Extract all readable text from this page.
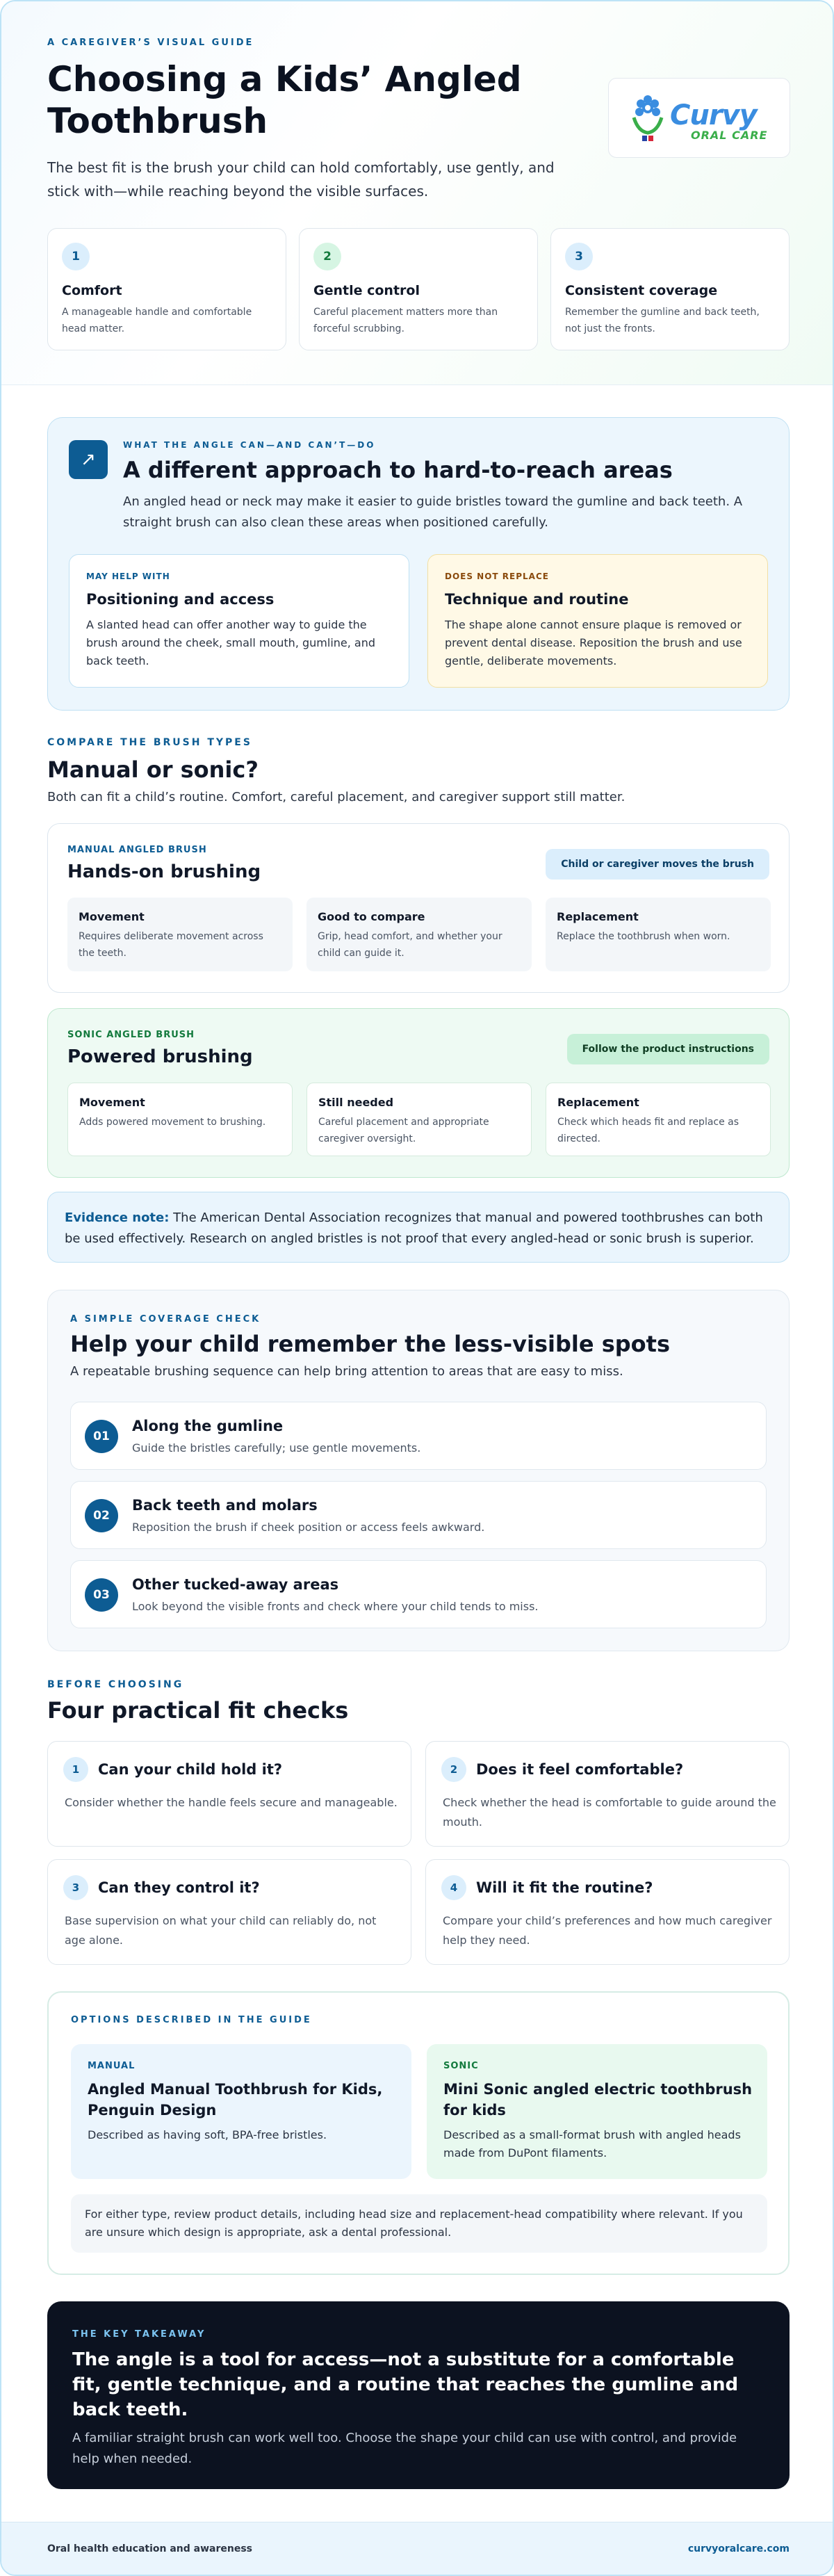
A CAREGIVER’S VISUAL GUIDE
Choosing a Kids’ Angled Toothbrush
The best fit is the brush your child can hold comfortably, use gently, and stick with—while reaching beyond the visible surfaces.
Curvy
ORAL CARE
1
Comfort

A manageable handle and comfortable head matter.

2
Gentle control

Careful placement matters more than forceful scrubbing.

3
Consistent coverage

Remember the gumline and back teeth, not just the fronts.

↗
WHAT THE ANGLE CAN—AND CAN’T—DO
A different approach to hard-to-reach areas
An angled head or neck may make it easier to guide bristles toward the gumline and back teeth. A straight brush can also clean these areas when positioned carefully.
MAY HELP WITH
Positioning and access

A slanted head can offer another way to guide the brush around the cheek, small mouth, gumline, and back teeth.

DOES NOT REPLACE
Technique and routine

The shape alone cannot ensure plaque is removed or prevent dental disease. Reposition the brush and use gentle, deliberate movements.

COMPARE THE BRUSH TYPES
Manual or sonic?

Both can fit a child’s routine. Comfort, careful placement, and caregiver support still matter.

MANUAL ANGLED BRUSH
Hands-on brushing	Child or caregiver moves the brush
Movement

Requires deliberate movement across the teeth.

Good to compare

Grip, head comfort, and whether your child can guide it.

Replacement

Replace the toothbrush when worn.

SONIC ANGLED BRUSH
Powered brushing	Follow the product instructions
Movement

Adds powered movement to brushing.

Still needed

Careful placement and appropriate caregiver oversight.

Replacement

Check which heads fit and replace as directed.

Evidence note: The American Dental Association recognizes that manual and powered toothbrushes can both be used effectively. Research on angled bristles is not proof that every angled-head or sonic brush is superior.

A SIMPLE COVERAGE CHECK
Help your child remember the less-visible spots
A repeatable brushing sequence can help bring attention to areas that are easy to miss.
01
Along the gumline

Guide the bristles carefully; use gentle movements.

02
Back teeth and molars

Reposition the brush if cheek position or access feels awkward.

03
Other tucked-away areas

Look beyond the visible fronts and check where your child tends to miss.

BEFORE CHOOSING
Four practical fit checks
1	Can your child hold it?

Consider whether the handle feels secure and manageable.

2	Does it feel comfortable?

Check whether the head is comfortable to guide around the mouth.

3	Can they control it?

Base supervision on what your child can reliably do, not age alone.

4	Will it fit the routine?

Compare your child’s preferences and how much caregiver help they need.

OPTIONS DESCRIBED IN THE GUIDE
MANUAL
Angled Manual Toothbrush for Kids, Penguin Design

Described as having soft, BPA-free bristles.

SONIC
Mini Sonic angled electric toothbrush for kids

Described as a small-format brush with angled heads made from DuPont filaments.

For either type, review product details, including head size and replacement-head compatibility where relevant. If you are unsure which design is appropriate, ask a dental professional.

THE KEY TAKEAWAY
The angle is a tool for access—not a substitute for a comfortable fit, gentle technique, and a routine that reaches the gumline and back teeth.

A familiar straight brush can work well too. Choose the shape your child can use with control, and provide help when needed.

Oral health education and awareness	curvyoralcare.com
